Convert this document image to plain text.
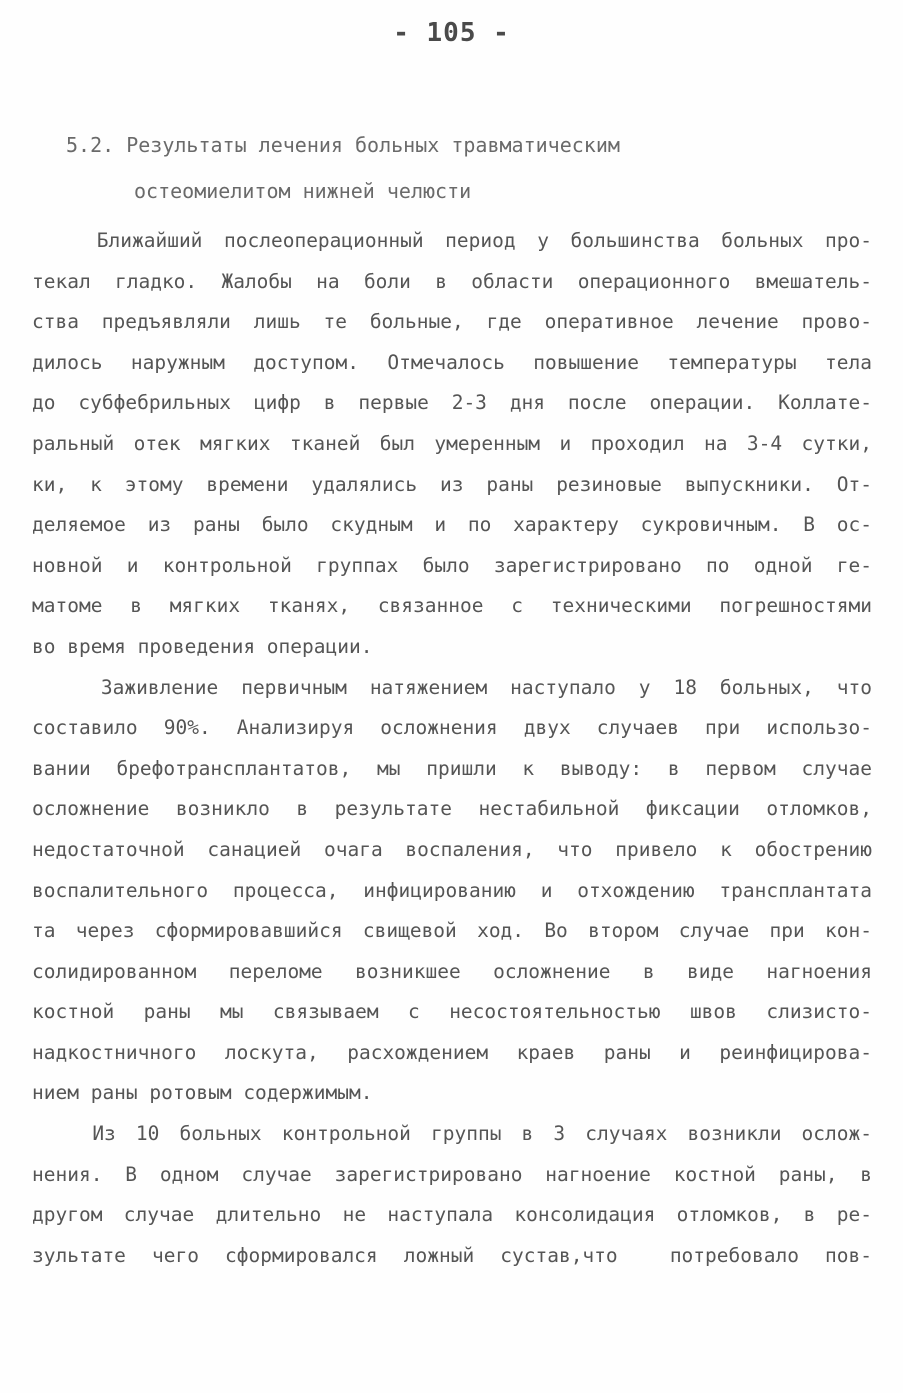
- 105 -
5.2. Результаты лечения больных травматическим
остеомиелитом нижней челюсти
Ближайший послеоперационный период у большинства больных про-
текал гладко. Жалобы на боли в области операционного вмешатель-
ства предъявляли лишь те больные, где оперативное лечение прово-
дилось наружным доступом. Отмечалось повышение температуры тела
до субфебрильных цифр в первые 2-3 дня после операции. Коллате-
ральный отек мягких тканей был умеренным и проходил на 3-4 сутки,
ки, к этому времени удалялись из раны резиновые выпускники. От-
деляемое из раны было скудным и по характеру сукровичным. В ос-
новной и контрольной группах было зарегистрировано по одной ге-
матоме в мягких тканях, связанное с техническими погрешностями
во время проведения операции.
Заживление первичным натяжением наступало у 18 больных, что
составило 90%. Анализируя осложнения двух случаев при использо-
вании брефотрансплантатов, мы пришли к выводу: в первом случае
осложнение возникло в результате нестабильной фиксации отломков,
недостаточной санацией очага воспаления, что привело к обострению
воспалительного процесса, инфицированию и отхождению трансплантата
та через сформировавшийся свищевой ход. Во втором случае при кон-
солидированном переломе возникшее осложнение в виде нагноения
костной раны мы связываем с несостоятельностью швов слизисто-
надкостничного лоскута, расхождением краев раны и реинфицирова-
нием раны ротовым содержимым.
Из 10 больных контрольной группы в 3 случаях возникли ослож-
нения. В одном случае зарегистрировано нагноение костной раны, в
другом случае длительно не наступала консолидация отломков, в ре-
зультате чего сформировался ложный сустав,что  потребовало пов-
